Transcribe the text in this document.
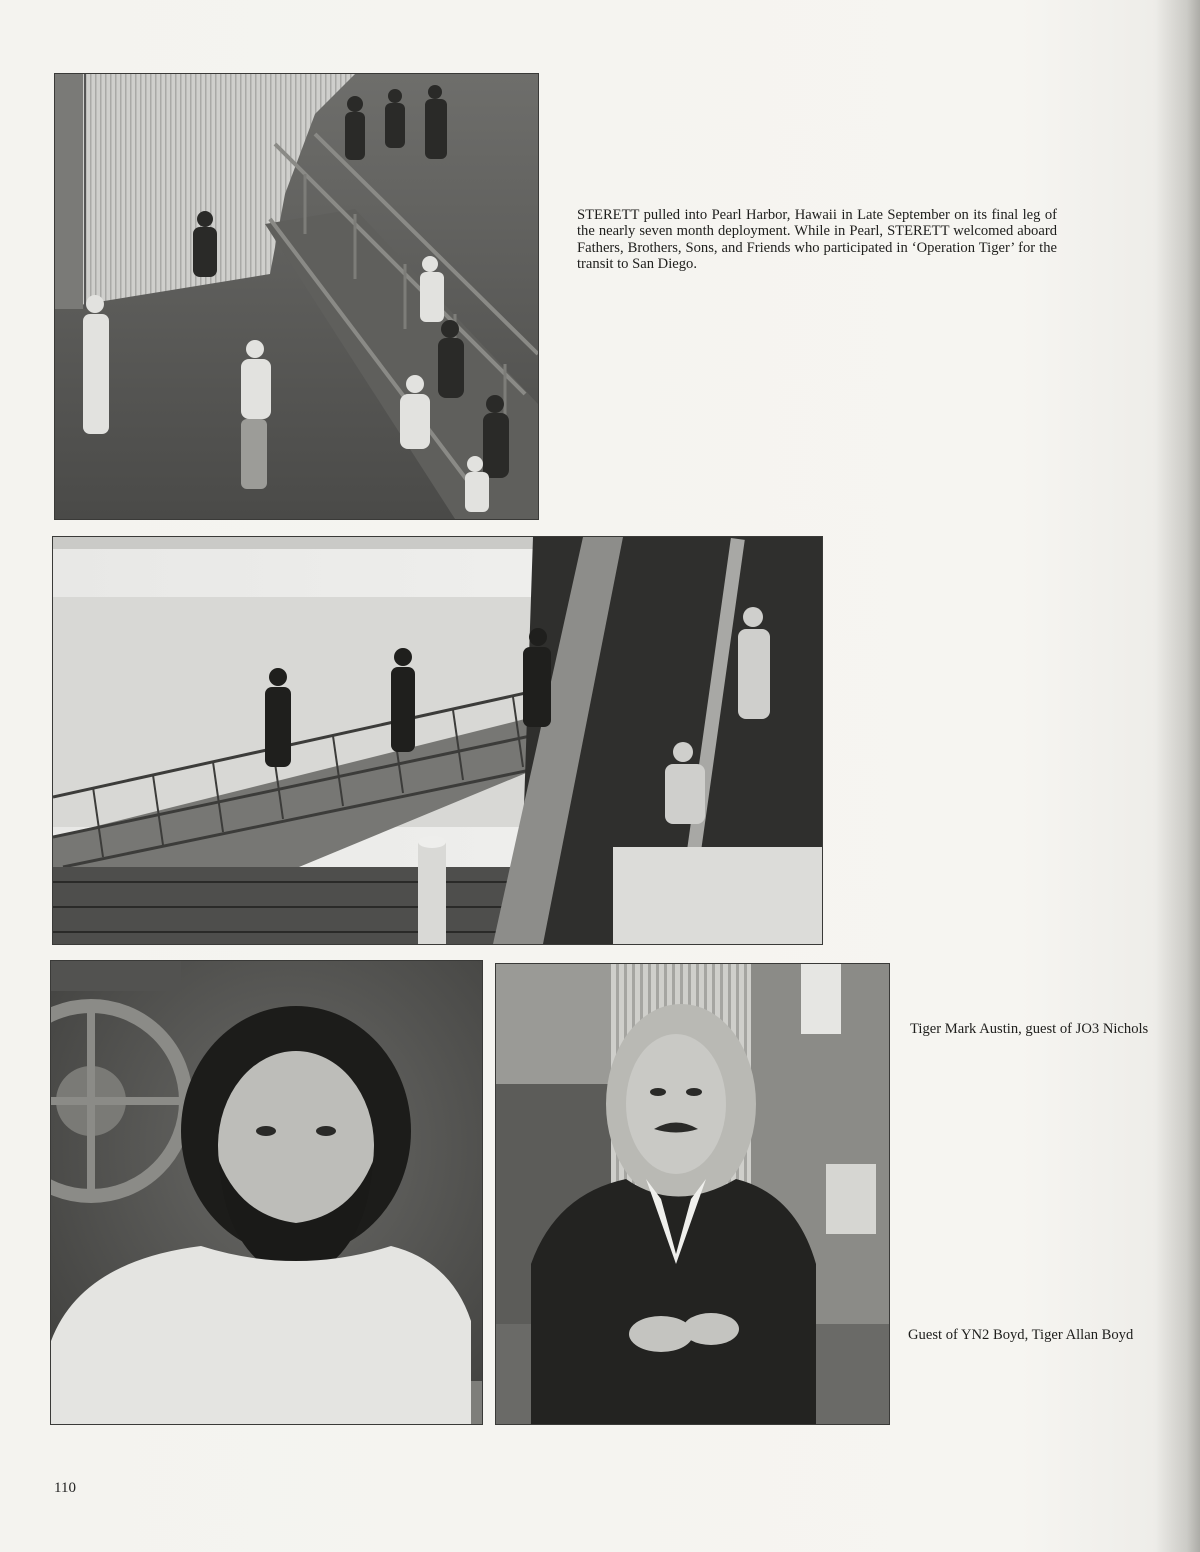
STERETT pulled into Pearl Harbor, Hawaii in Late September on its final leg of the nearly seven month deployment. While in Pearl, STERETT welcomed aboard Fathers, Brothers, Sons, and Friends who participated in ‘Operation Tiger’ for the transit to San Diego.

Tiger Mark Austin, guest of JO3 Nichols

Guest of YN2 Boyd, Tiger Allan Boyd

110
